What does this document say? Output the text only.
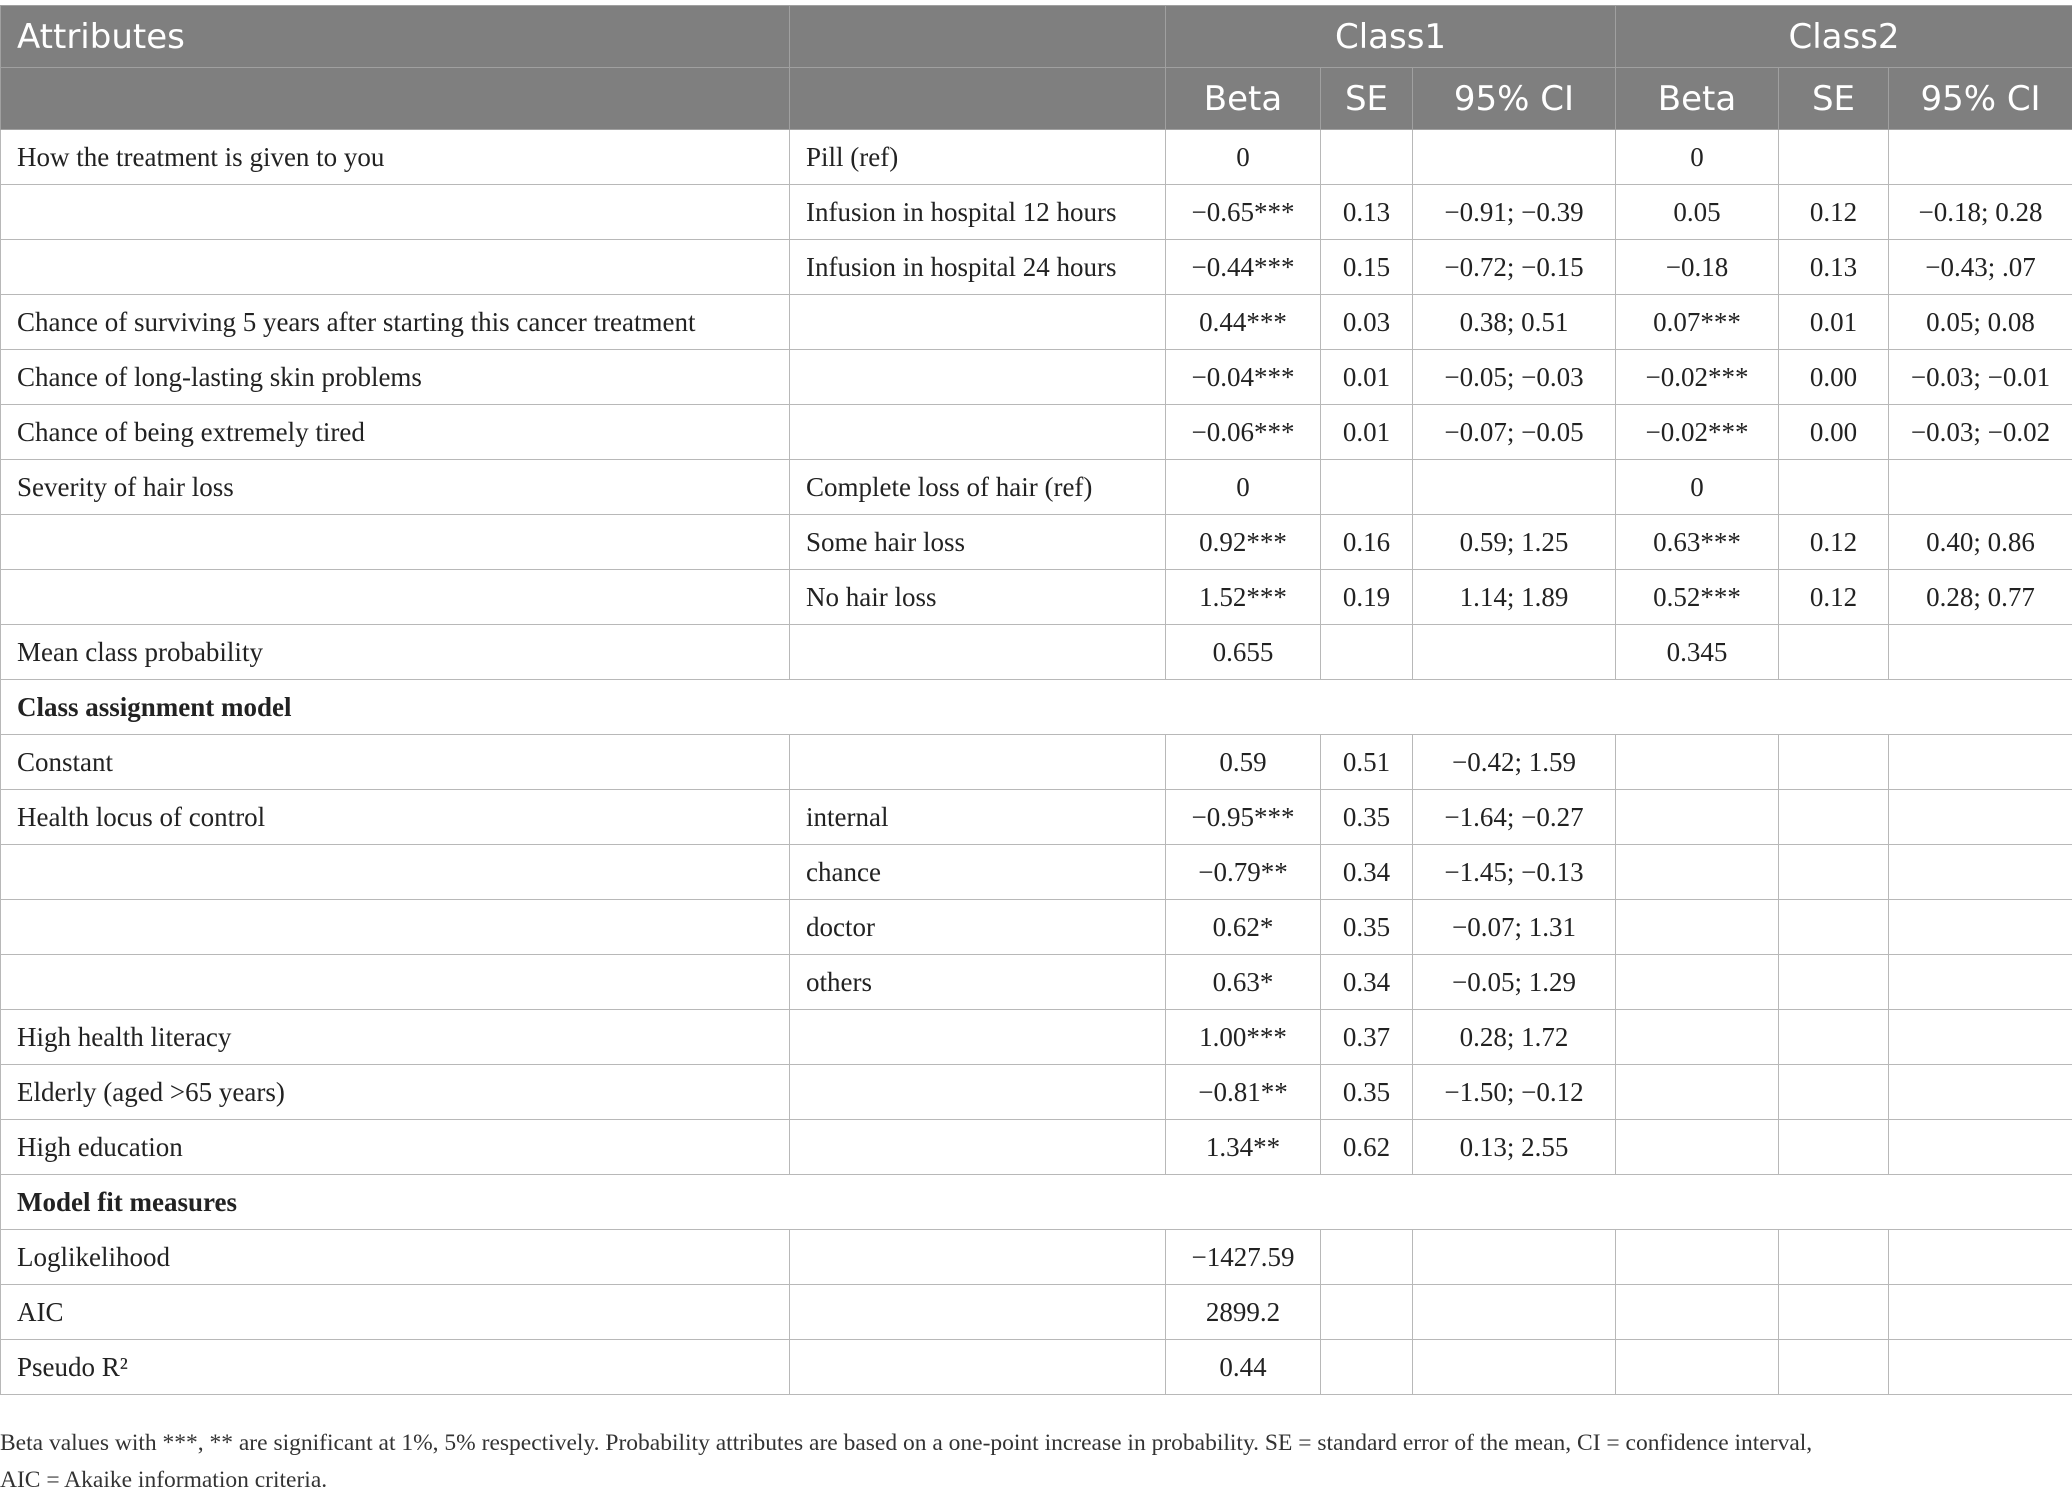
Attributes		Class1			Class2		
		Beta	SE	95% CI	Beta	SE	95% CI
How the treatment is given to you	Pill (ref)	0			0		
	Infusion in hospital 12 hours	−0.65***	0.13	−0.91; −0.39	0.05	0.12	−0.18; 0.28
	Infusion in hospital 24 hours	−0.44***	0.15	−0.72; −0.15	−0.18	0.13	−0.43; .07
Chance of surviving 5 years after starting this cancer treatment		0.44***	0.03	0.38; 0.51	0.07***	0.01	0.05; 0.08
Chance of long-lasting skin problems		−0.04***	0.01	−0.05; −0.03	−0.02***	0.00	−0.03; −0.01
Chance of being extremely tired		−0.06***	0.01	−0.07; −0.05	−0.02***	0.00	−0.03; −0.02
Severity of hair loss	Complete loss of hair (ref)	0			0		
	Some hair loss	0.92***	0.16	0.59; 1.25	0.63***	0.12	0.40; 0.86
	No hair loss	1.52***	0.19	1.14; 1.89	0.52***	0.12	0.28; 0.77
Mean class probability		0.655			0.345		
Class assignment model							
Constant		0.59	0.51	−0.42; 1.59			
Health locus of control	internal	−0.95***	0.35	−1.64; −0.27			
	chance	−0.79**	0.34	−1.45; −0.13			
	doctor	0.62*	0.35	−0.07; 1.31			
	others	0.63*	0.34	−0.05; 1.29			
High health literacy		1.00***	0.37	0.28; 1.72			
Elderly (aged >65 years)		−0.81**	0.35	−1.50; −0.12			
High education		1.34**	0.62	0.13; 2.55			
Model fit measures							
Loglikelihood		−1427.59					
AIC		2899.2					
Pseudo R²		0.44					

Beta values with ***, ** are significant at 1%, 5% respectively. Probability attributes are based on a one-point increase in probability. SE = standard error of the mean, CI = confidence interval,
AIC = Akaike information criteria.
